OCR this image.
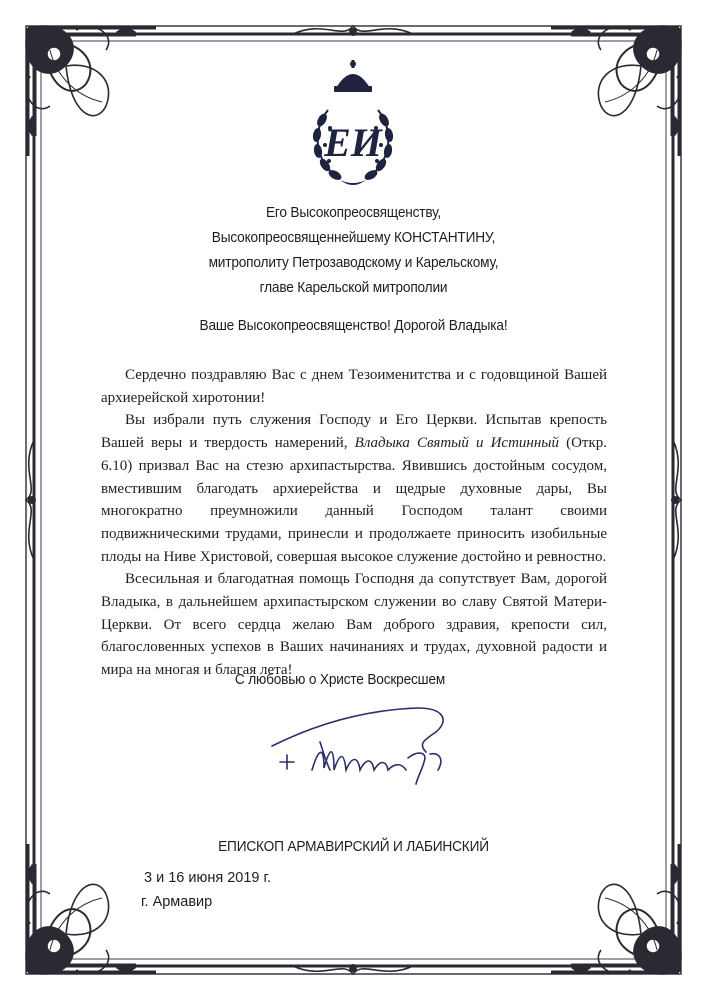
ЕИ
Его Высокопреосвященству,
Высокопреосвященнейшему КОНСТАНТИНУ,
митрополиту Петрозаводскому и Карельскому,
главе Карельской митрополии
Ваше Высокопреосвященство! Дорогой Владыка!

Сердечно поздравляю Вас с днем Тезоименитства и с годовщиной Вашей архиерейской хиротонии!

Вы избрали путь служения Господу и Его Церкви. Испытав крепость Вашей веры и твердость намерений, Владыка Святый и Истинный (Откр. 6.10) призвал Вас на стезю архипастырства. Явившись достойным сосудом, вместившим благодать архиерейства и щедрые духовные дары, Вы многократно преумножили данный Господом талант своими подвижническими трудами, принесли и продолжаете приносить изобильные плоды на Ниве Христовой, совершая высокое служение достойно и ревностно.

Всесильная и благодатная помощь Господня да сопутствует Вам, дорогой Владыка, в дальнейшем архипастырском служении во славу Святой Матери-Церкви. От всего сердца желаю Вам доброго здравия, крепости сил, благословенных успехов в Ваших начинаниях и трудах, духовной радости и мира на многая и благая лета!

С любовью о Христе Воскресшем
ЕПИСКОП АРМАВИРСКИЙ И ЛАБИНСКИЙ
3 и 16 июня 2019 г.
г. Армавир
